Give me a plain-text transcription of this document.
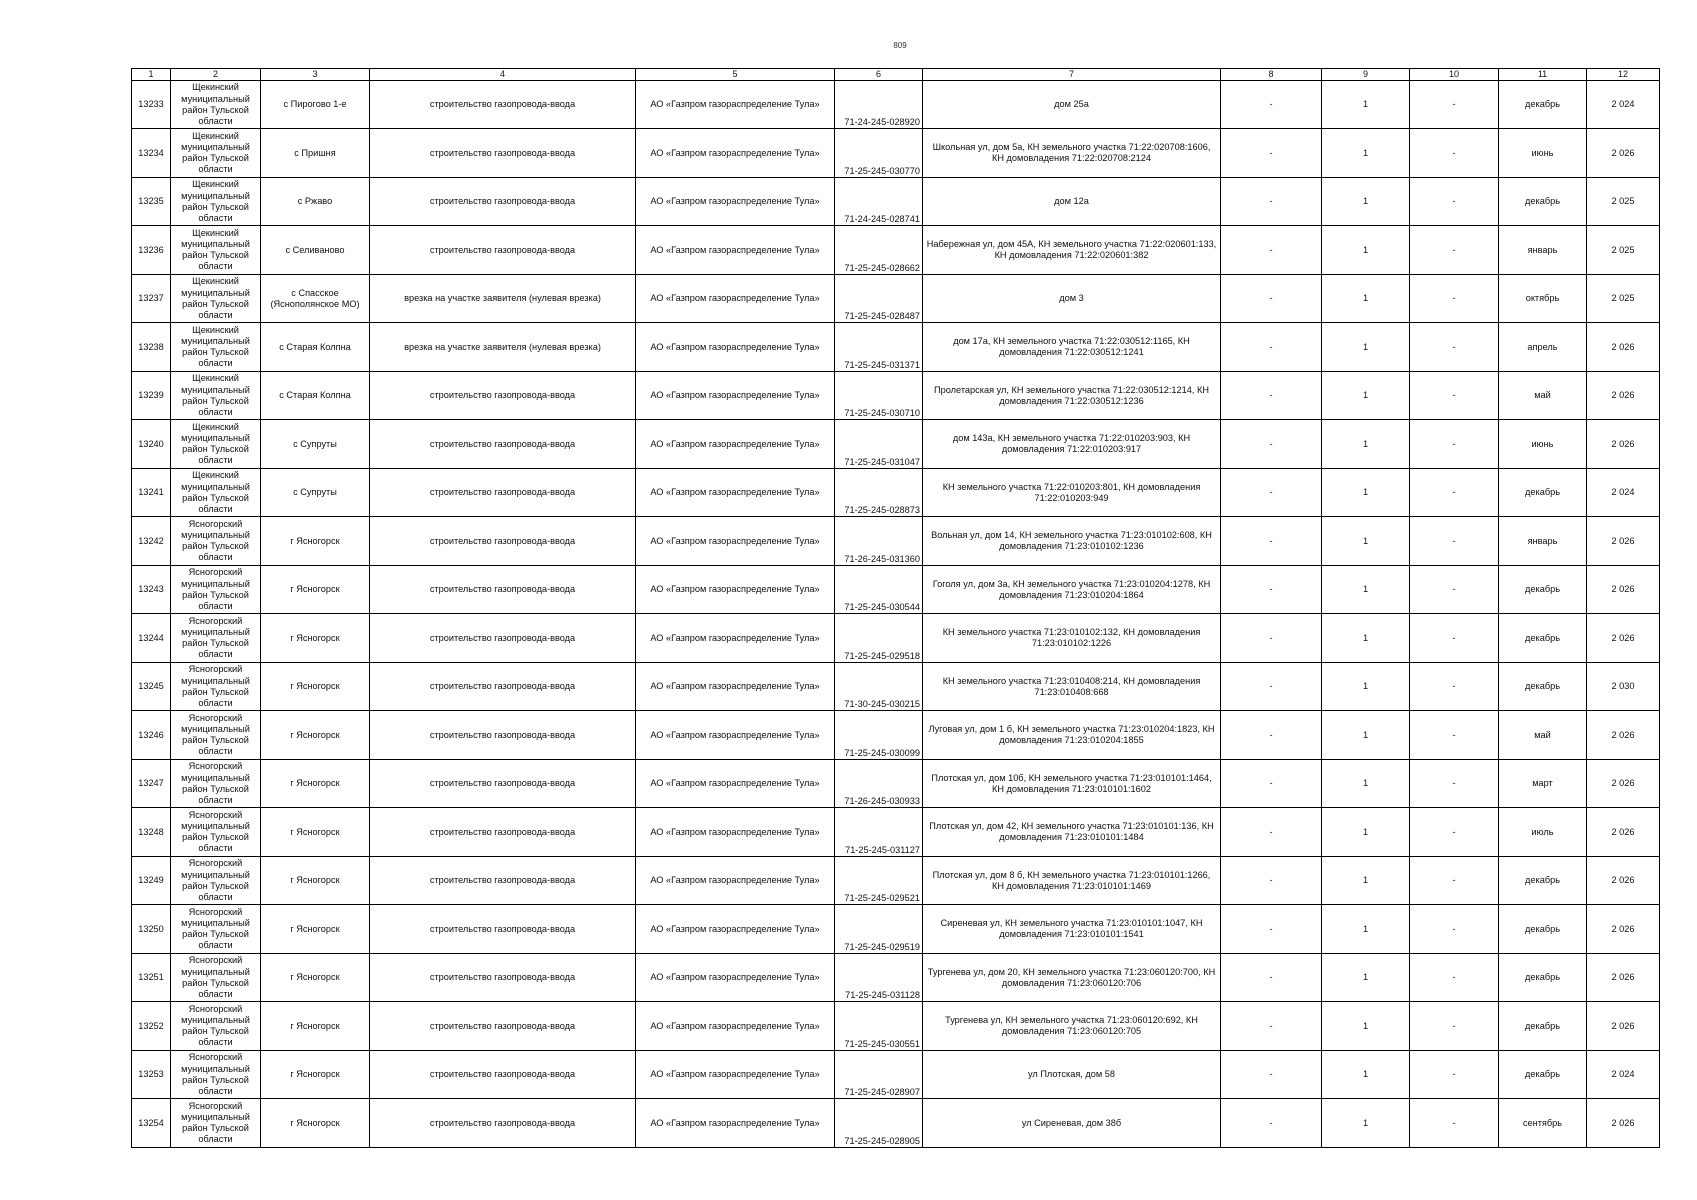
809
1	2	3	4	5	6	7	8	9	10	11	12
13233	Щекинский муниципальный район Тульской области	с Пирогово 1-е	строительство газопровода-ввода	АО «Газпром газораспределение Тула»	71-24-245-028920	дом 25а	-	1	-	декабрь	2 024
13234	Щекинский муниципальный район Тульской области	с Пришня	строительство газопровода-ввода	АО «Газпром газораспределение Тула»	71-25-245-030770	Школьная ул, дом 5а, КН земельного участка 71:22:020708:1606, КН домовладения 71:22:020708:2124	-	1	-	июнь	2 026
13235	Щекинский муниципальный район Тульской области	с Ржаво	строительство газопровода-ввода	АО «Газпром газораспределение Тула»	71-24-245-028741	дом 12а	-	1	-	декабрь	2 025
13236	Щекинский муниципальный район Тульской области	с Селиваново	строительство газопровода-ввода	АО «Газпром газораспределение Тула»	71-25-245-028662	Набережная ул, дом 45А, КН земельного участка 71:22:020601:133, КН домовладения 71:22:020601:382	-	1	-	январь	2 025
13237	Щекинский муниципальный район Тульской области	с Спасское (Яснополянское МО)	врезка на участке заявителя (нулевая врезка)	АО «Газпром газораспределение Тула»	71-25-245-028487	дом 3	-	1	-	октябрь	2 025
13238	Щекинский муниципальный район Тульской области	с Старая Колпна	врезка на участке заявителя (нулевая врезка)	АО «Газпром газораспределение Тула»	71-25-245-031371	дом 17а, КН земельного участка 71:22:030512:1165, КН домовладения 71:22:030512:1241	-	1	-	апрель	2 026
13239	Щекинский муниципальный район Тульской области	с Старая Колпна	строительство газопровода-ввода	АО «Газпром газораспределение Тула»	71-25-245-030710	Пролетарская ул, КН земельного участка 71:22:030512:1214, КН домовладения 71:22:030512:1236	-	1	-	май	2 026
13240	Щекинский муниципальный район Тульской области	с Супруты	строительство газопровода-ввода	АО «Газпром газораспределение Тула»	71-25-245-031047	дом 143а, КН земельного участка 71:22:010203:903, КН домовладения 71:22:010203:917	-	1	-	июнь	2 026
13241	Щекинский муниципальный район Тульской области	с Супруты	строительство газопровода-ввода	АО «Газпром газораспределение Тула»	71-25-245-028873	КН земельного участка 71:22:010203:801, КН домовладения 71:22:010203:949	-	1	-	декабрь	2 024
13242	Ясногорский муниципальный район Тульской области	г Ясногорск	строительство газопровода-ввода	АО «Газпром газораспределение Тула»	71-26-245-031360	Вольная ул, дом 14, КН земельного участка 71:23:010102:608, КН домовладения 71:23:010102:1236	-	1	-	январь	2 026
13243	Ясногорский муниципальный район Тульской области	г Ясногорск	строительство газопровода-ввода	АО «Газпром газораспределение Тула»	71-25-245-030544	Гоголя ул, дом 3а, КН земельного участка 71:23:010204:1278, КН домовладения 71:23:010204:1864	-	1	-	декабрь	2 026
13244	Ясногорский муниципальный район Тульской области	г Ясногорск	строительство газопровода-ввода	АО «Газпром газораспределение Тула»	71-25-245-029518	КН земельного участка 71:23:010102:132, КН домовладения 71:23:010102:1226	-	1	-	декабрь	2 026
13245	Ясногорский муниципальный район Тульской области	г Ясногорск	строительство газопровода-ввода	АО «Газпром газораспределение Тула»	71-30-245-030215	КН земельного участка 71:23:010408:214, КН домовладения 71:23:010408:668	-	1	-	декабрь	2 030
13246	Ясногорский муниципальный район Тульской области	г Ясногорск	строительство газопровода-ввода	АО «Газпром газораспределение Тула»	71-25-245-030099	Луговая ул, дом 1 б, КН земельного участка 71:23:010204:1823, КН домовладения 71:23:010204:1855	-	1	-	май	2 026
13247	Ясногорский муниципальный район Тульской области	г Ясногорск	строительство газопровода-ввода	АО «Газпром газораспределение Тула»	71-26-245-030933	Плотская ул, дом 10б, КН земельного участка 71:23:010101:1464, КН домовладения 71:23:010101:1602	-	1	-	март	2 026
13248	Ясногорский муниципальный район Тульской области	г Ясногорск	строительство газопровода-ввода	АО «Газпром газораспределение Тула»	71-25-245-031127	Плотская ул, дом 42, КН земельного участка 71:23:010101:136, КН домовладения 71:23:010101:1484	-	1	-	июль	2 026
13249	Ясногорский муниципальный район Тульской области	г Ясногорск	строительство газопровода-ввода	АО «Газпром газораспределение Тула»	71-25-245-029521	Плотская ул, дом 8 б, КН земельного участка 71:23:010101:1266, КН домовладения 71:23:010101:1469	-	1	-	декабрь	2 026
13250	Ясногорский муниципальный район Тульской области	г Ясногорск	строительство газопровода-ввода	АО «Газпром газораспределение Тула»	71-25-245-029519	Сиреневая ул, КН земельного участка 71:23:010101:1047, КН домовладения 71:23:010101:1541	-	1	-	декабрь	2 026
13251	Ясногорский муниципальный район Тульской области	г Ясногорск	строительство газопровода-ввода	АО «Газпром газораспределение Тула»	71-25-245-031128	Тургенева ул, дом 20, КН земельного участка 71:23:060120:700, КН домовладения 71:23:060120:706	-	1	-	декабрь	2 026
13252	Ясногорский муниципальный район Тульской области	г Ясногорск	строительство газопровода-ввода	АО «Газпром газораспределение Тула»	71-25-245-030551	Тургенева ул, КН земельного участка 71:23:060120:692, КН домовладения 71:23:060120:705	-	1	-	декабрь	2 026
13253	Ясногорский муниципальный район Тульской области	г Ясногорск	строительство газопровода-ввода	АО «Газпром газораспределение Тула»	71-25-245-028907	ул Плотская, дом 58	-	1	-	декабрь	2 024
13254	Ясногорский муниципальный район Тульской области	г Ясногорск	строительство газопровода-ввода	АО «Газпром газораспределение Тула»	71-25-245-028905	ул Сиреневая, дом 38б	-	1	-	сентябрь	2 026
